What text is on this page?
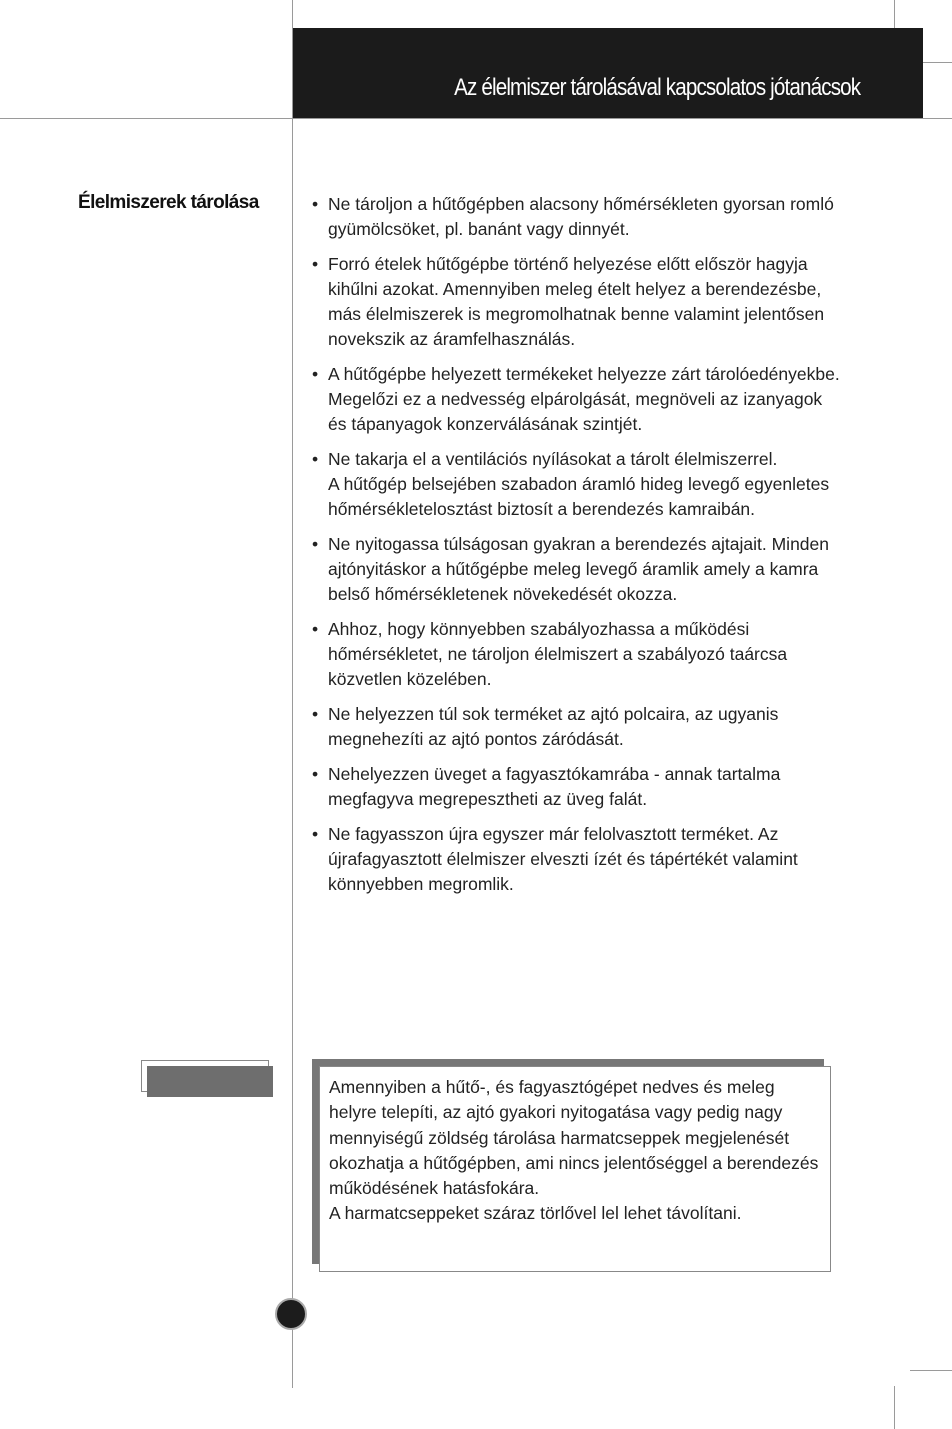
Az élelmiszer tárolásával kapcsolatos jótanácsok
Élelmiszerek tárolása
•	Ne tároljon a hűtőgépben alacsony hőmérsékleten gyorsan romló gyümölcsöket, pl. banánt vagy dinnyét.
• Forró ételek hűtőgépbe történő helyezése előtt először hagyja kihűlni azokat. Amennyiben meleg ételt helyez a berendezésbe, más élelmiszerek is megromolhatnak benne valamint jelentősen novekszik az áramfelhasználás.
• A hűtőgépbe helyezett termékeket helyezze zárt tárolóedényekbe. Megelőzi ez a nedvesség elpárolgását, megnöveli az izanyagok és tápanyagok konzerválásának szintjét.
• Ne takarja el a ventilációs nyílásokat a tárolt élelmiszerrel.
A hűtőgép belsejében szabadon áramló hideg levegő egyenletes hőmérsékletelosztást biztosít a berendezés kamraibán.
• Ne nyitogassa túlságosan gyakran a berendezés ajtajait. Minden ajtónyitáskor a hűtőgépbe meleg levegő áramlik amely a kamra belső hőmérsékletenek növekedését okozza.
• Ahhoz, hogy könnyebben szabályozhassa a működési hőmérsékletet, ne tároljon élelmiszert a szabályozó taárcsa közvetlen közelében.
• Ne helyezzen túl sok terméket az ajtó polcaira, az ugyanis megnehezíti az ajtó pontos záródását.
• Nehelyezzen üveget a fagyasztókamrába - annak tartalma megfagyva megrepesztheti az üveg falát.
• Ne fagyasszon újra egyszer már felolvasztott terméket. Az újrafagyasztott élelmiszer elveszti ízét és tápértékét valamint könnyebben megromlik.

Amennyiben a hűtő-, és fagyasztógépet nedves és meleg helyre telepíti, az ajtó gyakori nyitogatása vagy pedig nagy mennyiségű zöldség tárolása harmatcseppek megjelenését okozhatja a hűtőgépben, ami nincs jelentőséggel a berendezés működésének hatásfokára.

A harmatcseppeket száraz törlővel lel lehet távolítani.
